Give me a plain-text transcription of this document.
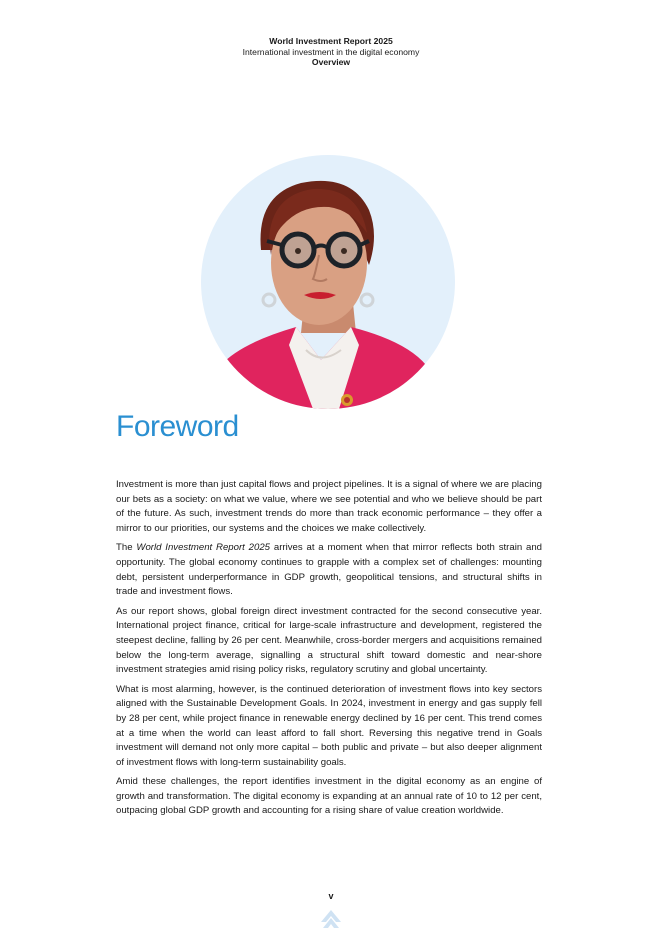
World Investment Report 2025
International investment in the digital economy
Overview
Foreword

Investment is more than just capital flows and project pipelines. It is a signal of where we are placing our bets as a society: on what we value, where we see potential and who we believe should be part of the future. As such, investment trends do more than track economic performance – they offer a mirror to our priorities, our systems and the choices we make collectively.

The World Investment Report 2025 arrives at a moment when that mirror reflects both strain and opportunity. The global economy continues to grapple with a complex set of challenges: mounting debt, persistent underperformance in GDP growth, geopolitical tensions, and structural shifts in trade and investment flows.

As our report shows, global foreign direct investment contracted for the second consecutive year. International project finance, critical for large-scale infrastructure and development, registered the steepest decline, falling by 26 per cent. Meanwhile, cross-border mergers and acquisitions remained below the long-term average, signalling a structural shift toward domestic and near-shore investment strategies amid rising policy risks, regulatory scrutiny and global uncertainty.

What is most alarming, however, is the continued deterioration of investment flows into key sectors aligned with the Sustainable Development Goals. In 2024, investment in energy and gas supply fell by 28 per cent, while project finance in renewable energy declined by 16 per cent. This trend comes at a time when the world can least afford to fall short. Reversing this negative trend in Goals investment will demand not only more capital – both public and private – but also deeper alignment of investment flows with long-term sustainability goals.

Amid these challenges, the report identifies investment in the digital economy as an engine of growth and transformation. The digital economy is expanding at an annual rate of 10 to 12 per cent, outpacing global GDP growth and accounting for a rising share of value creation worldwide.

v
